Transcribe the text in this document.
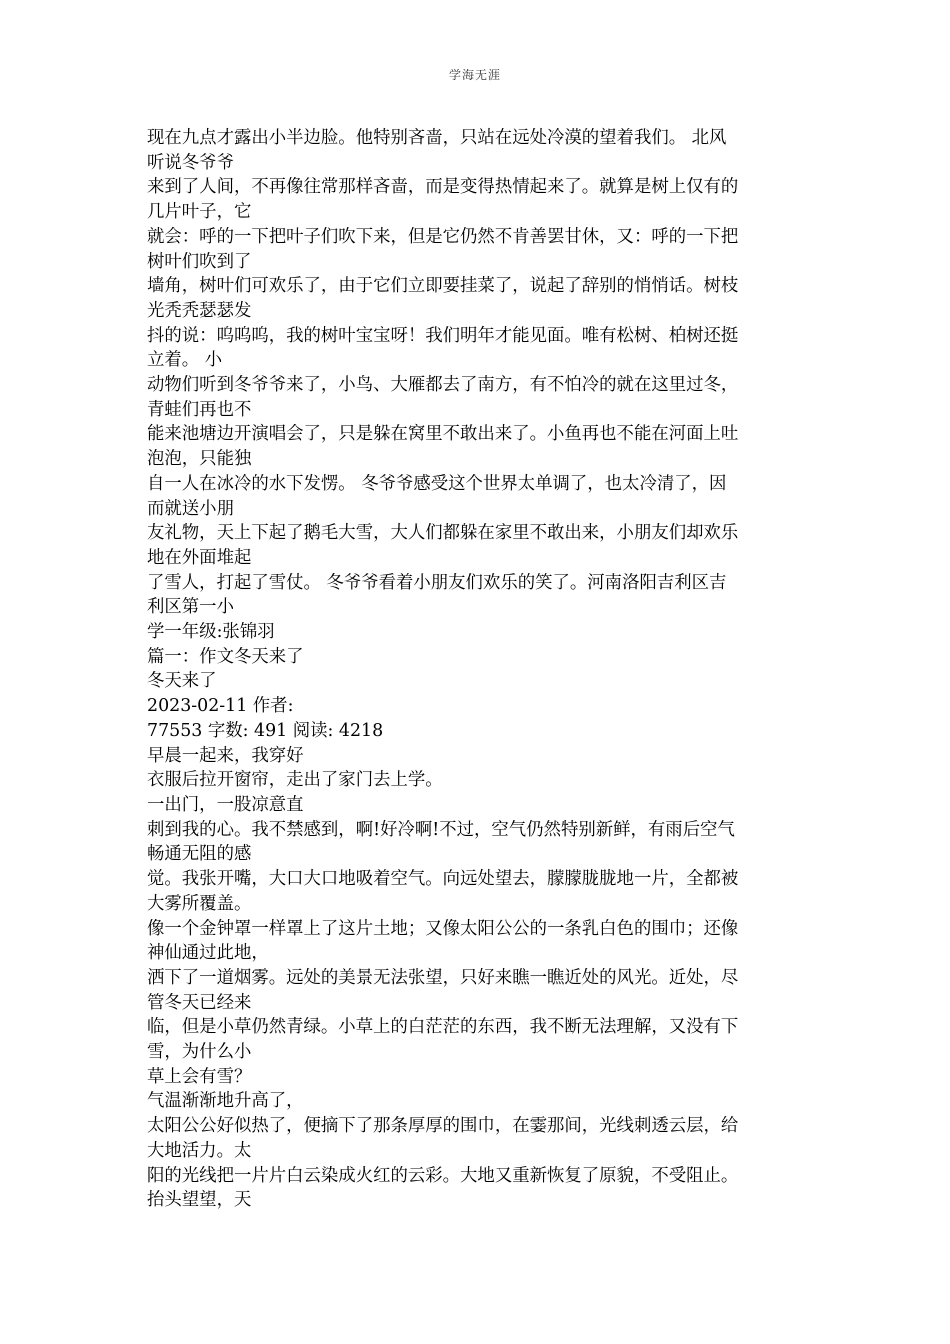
学海无涯

现在九点才露出小半边脸。他特别吝啬，只站在远处冷漠的望着我们。 北风

听说冬爷爷

来到了人间，不再像往常那样吝啬，而是变得热情起来了。就算是树上仅有的

几片叶子，它

就会：呼的一下把叶子们吹下来，但是它仍然不肯善罢甘休，又：呼的一下把

树叶们吹到了

墙角，树叶们可欢乐了，由于它们立即要挂菜了，说起了辞别的悄悄话。树枝

光秃秃瑟瑟发

抖的说：呜呜呜，我的树叶宝宝呀！我们明年才能见面。唯有松树、柏树还挺

立着。 小

动物们听到冬爷爷来了，小鸟、大雁都去了南方，有不怕冷的就在这里过冬，

青蛙们再也不

能来池塘边开演唱会了，只是躲在窝里不敢出来了。小鱼再也不能在河面上吐

泡泡，只能独

自一人在冰冷的水下发愣。 冬爷爷感受这个世界太单调了，也太冷清了，因

而就送小朋

友礼物，天上下起了鹅毛大雪，大人们都躲在家里不敢出来，小朋友们却欢乐

地在外面堆起

了雪人，打起了雪仗。 冬爷爷看着小朋友们欢乐的笑了。河南洛阳吉利区吉

利区第一小

学一年级:张锦羽

篇一：作文冬天来了

冬天来了

2023-02-11 作者:

77553 字数: 491 阅读: 4218

早晨一起来，我穿好

衣服后拉开窗帘，走出了家门去上学。

一出门，一股凉意直

刺到我的心。我不禁感到，啊!好冷啊!不过，空气仍然特别新鲜，有雨后空气

畅通无阻的感

觉。我张开嘴，大口大口地吸着空气。向远处望去，朦朦胧胧地一片，全都被

大雾所覆盖。

像一个金钟罩一样罩上了这片土地；又像太阳公公的一条乳白色的围巾；还像

神仙通过此地，

洒下了一道烟雾。远处的美景无法张望，只好来瞧一瞧近处的风光。近处，尽

管冬天已经来

临，但是小草仍然青绿。小草上的白茫茫的东西，我不断无法理解，又没有下

雪，为什么小

草上会有雪？

气温渐渐地升高了，

太阳公公好似热了，便摘下了那条厚厚的围巾，在霎那间，光线刺透云层，给

大地活力。太

阳的光线把一片片白云染成火红的云彩。大地又重新恢复了原貌，不受阻止。

抬头望望，天
